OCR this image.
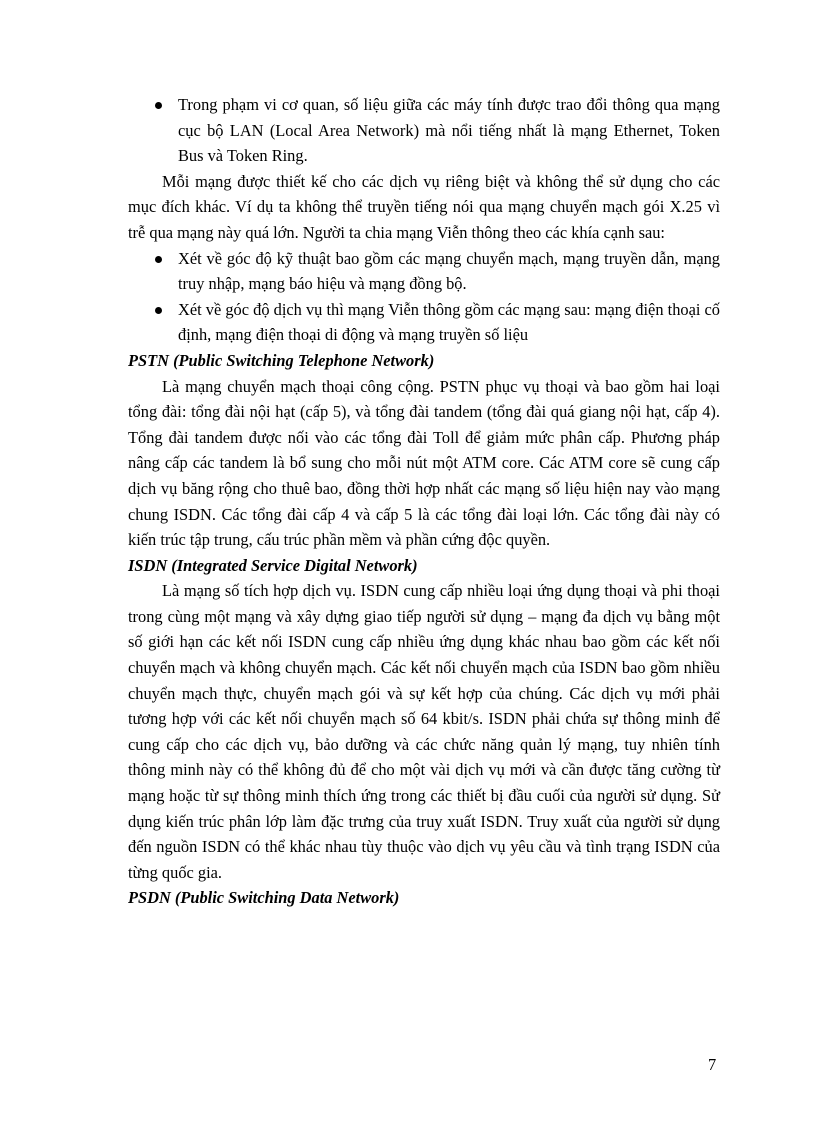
Trong phạm vi cơ quan, số liệu giữa các máy tính được trao đổi thông qua mạng cục bộ LAN (Local Area Network) mà nổi tiếng nhất là mạng Ethernet, Token Bus và Token Ring.

Mỗi mạng được thiết kế cho các dịch vụ riêng biệt và không thể sử dụng cho các mục đích khác. Ví dụ ta không thể truyền tiếng nói qua mạng chuyển mạch gói X.25 vì trễ qua mạng này quá lớn. Người ta chia mạng Viễn thông theo các khía cạnh sau:

Xét về góc độ kỹ thuật bao gồm các mạng chuyển mạch, mạng truyền dẫn, mạng truy nhập, mạng báo hiệu và mạng đồng bộ.

Xét về góc độ dịch vụ thì mạng Viễn thông gồm các mạng sau: mạng điện thoại cố định, mạng điện thoại di động và mạng truyền số liệu

PSTN (Public Switching Telephone Network)

Là mạng chuyển mạch thoại công cộng. PSTN phục vụ thoại và bao gồm hai loại tổng đài: tổng đài nội hạt (cấp 5), và tổng đài tandem (tổng đài quá giang nội hạt, cấp 4). Tổng đài tandem được nối vào các tổng đài Toll để giảm mức phân cấp. Phương pháp nâng cấp các tandem là bổ sung cho mỗi nút một ATM core. Các ATM core sẽ cung cấp dịch vụ băng rộng cho thuê bao, đồng thời hợp nhất các mạng số liệu hiện nay vào mạng chung ISDN. Các tổng đài cấp 4 và cấp 5 là các tổng đài loại lớn. Các tổng đài này có kiến trúc tập trung, cấu trúc phần mềm và phần cứng độc quyền.

ISDN (Integrated Service Digital Network)

Là mạng số tích hợp dịch vụ. ISDN cung cấp nhiều loại ứng dụng thoại và phi thoại trong cùng một mạng và xây dựng giao tiếp người sử dụng – mạng đa dịch vụ bằng một số giới hạn các kết nối ISDN cung cấp nhiều ứng dụng khác nhau bao gồm các kết nối chuyển mạch và không chuyển mạch. Các kết nối chuyển mạch của ISDN bao gồm nhiều chuyển mạch thực, chuyển mạch gói và sự kết hợp của chúng. Các dịch vụ mới phải tương hợp với các kết nối chuyển mạch số 64 kbit/s. ISDN phải chứa sự thông minh để cung cấp cho các dịch vụ, bảo dưỡng và các chức năng quản lý mạng, tuy nhiên tính thông minh này có thể không đủ để cho một vài dịch vụ mới và cần được tăng cường từ mạng hoặc từ sự thông minh thích ứng trong các thiết bị đầu cuối của người sử dụng. Sử dụng kiến trúc phân lớp làm đặc trưng của truy xuất ISDN. Truy xuất của người sử dụng đến nguồn ISDN có thể khác nhau tùy thuộc vào dịch vụ yêu cầu và tình trạng ISDN của từng quốc gia.

PSDN (Public Switching Data Network)

7
